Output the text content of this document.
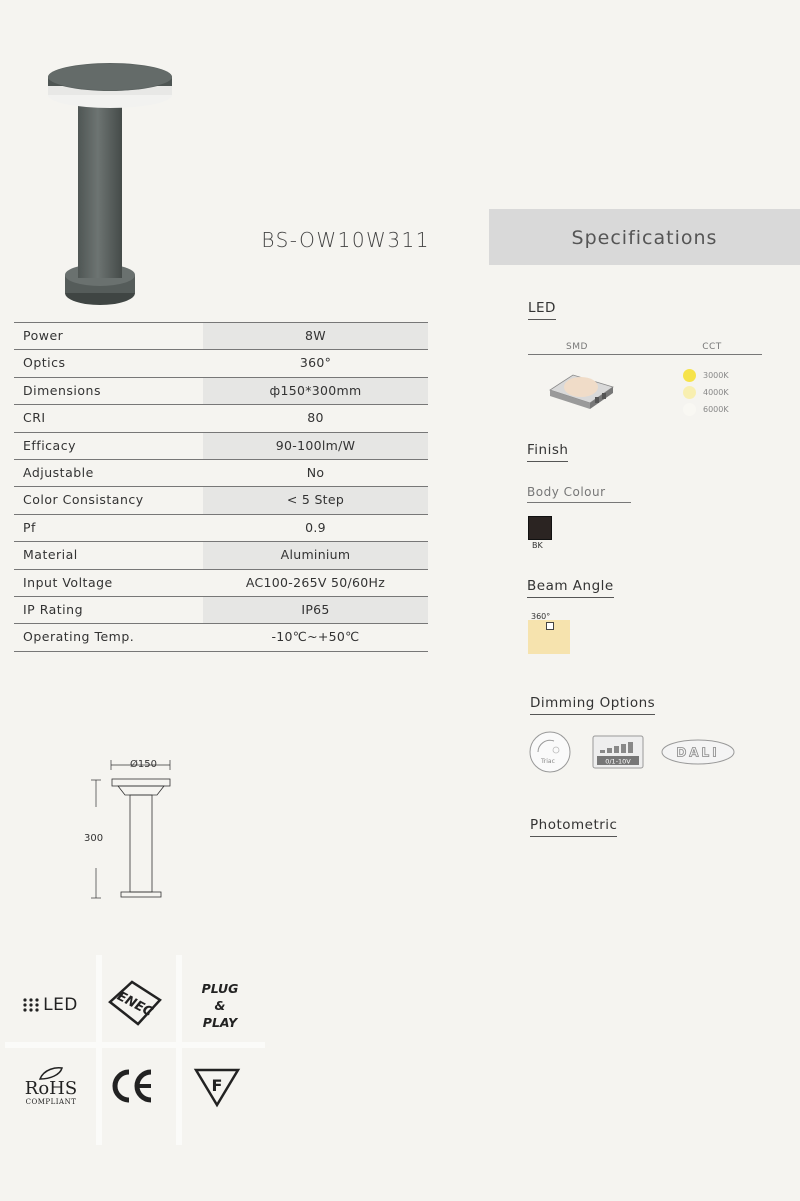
BS-OW10W311	Specifications
Power	8W
Optics	360°
Dimensions	ф150*300mm
CRI	80
Efficacy	90-100lm/W
Adjustable	No
Color Consistancy	< 5 Step
Pf	0.9
Material	Aluminium
Input Voltage	AC100-265V 50/60Hz
IP Rating	IP65
Operating Temp.	-10℃~+50℃
LED
SMD	CCT
3000K
4000K
6000K
Finish
Body Colour
BK
Beam Angle
360°
Dimming Options
Triac	0/1-10V
DALI
Photometric
Ø150
300
LED	ENEC
PLUG
&
PLAY
RoHS
COMPLIANT
F
